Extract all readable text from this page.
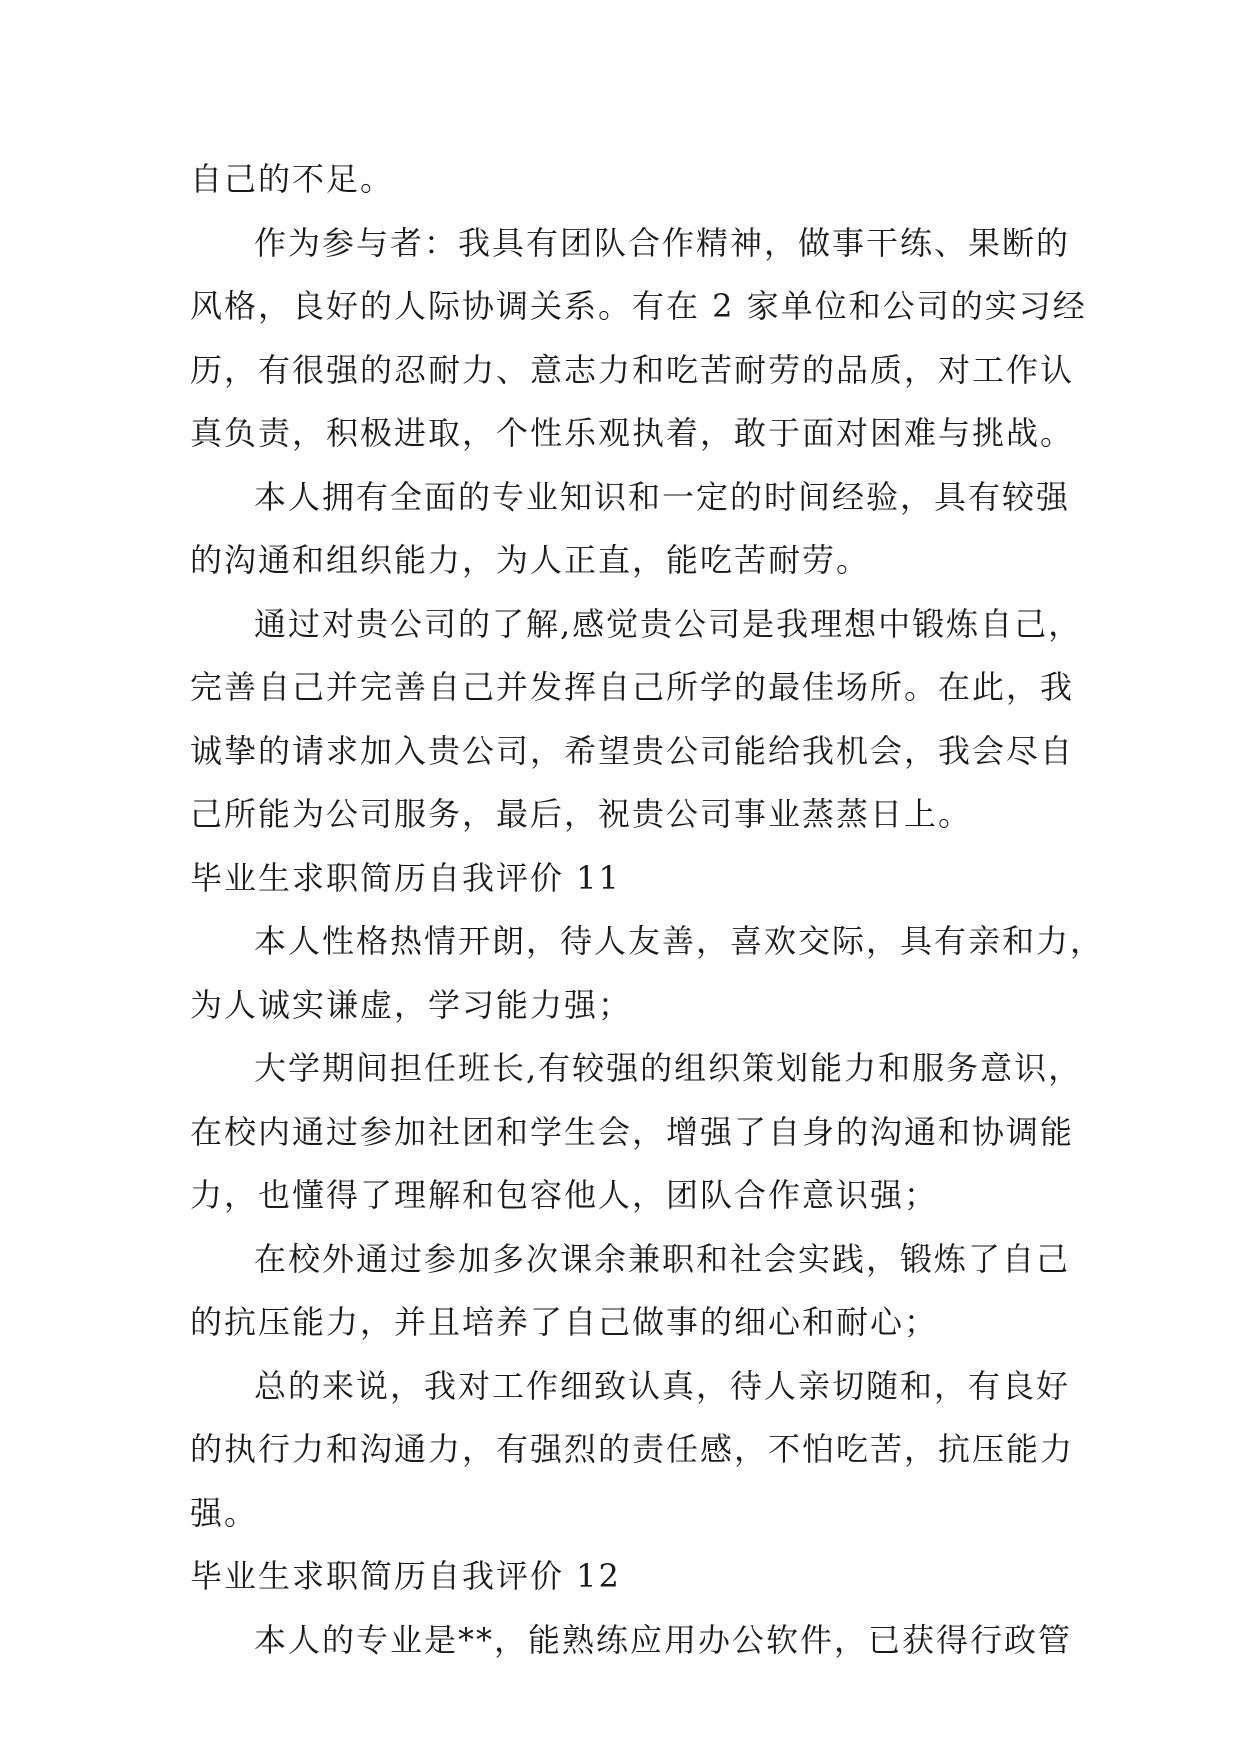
自己的不足。

作为参与者：我具有团队合作精神，做事干练、果断的

风格，良好的人际协调关系。有在 2 家单位和公司的实习经

历，有很强的忍耐力、意志力和吃苦耐劳的品质，对工作认

真负责，积极进取，个性乐观执着，敢于面对困难与挑战。

本人拥有全面的专业知识和一定的时间经验，具有较强

的沟通和组织能力，为人正直，能吃苦耐劳。

通过对贵公司的了解,感觉贵公司是我理想中锻炼自己，

完善自己并完善自己并发挥自己所学的最佳场所。在此，我

诚挚的请求加入贵公司，希望贵公司能给我机会，我会尽自

己所能为公司服务，最后，祝贵公司事业蒸蒸日上。

毕业生求职简历自我评价 11

本人性格热情开朗，待人友善，喜欢交际，具有亲和力，

为人诚实谦虚，学习能力强；

大学期间担任班长,有较强的组织策划能力和服务意识，

在校内通过参加社团和学生会，增强了自身的沟通和协调能

力，也懂得了理解和包容他人，团队合作意识强；

在校外通过参加多次课余兼职和社会实践，锻炼了自己

的抗压能力，并且培养了自己做事的细心和耐心；

总的来说，我对工作细致认真，待人亲切随和，有良好

的执行力和沟通力，有强烈的责任感，不怕吃苦，抗压能力

强。

毕业生求职简历自我评价 12

本人的专业是**，能熟练应用办公软件，已获得行政管
